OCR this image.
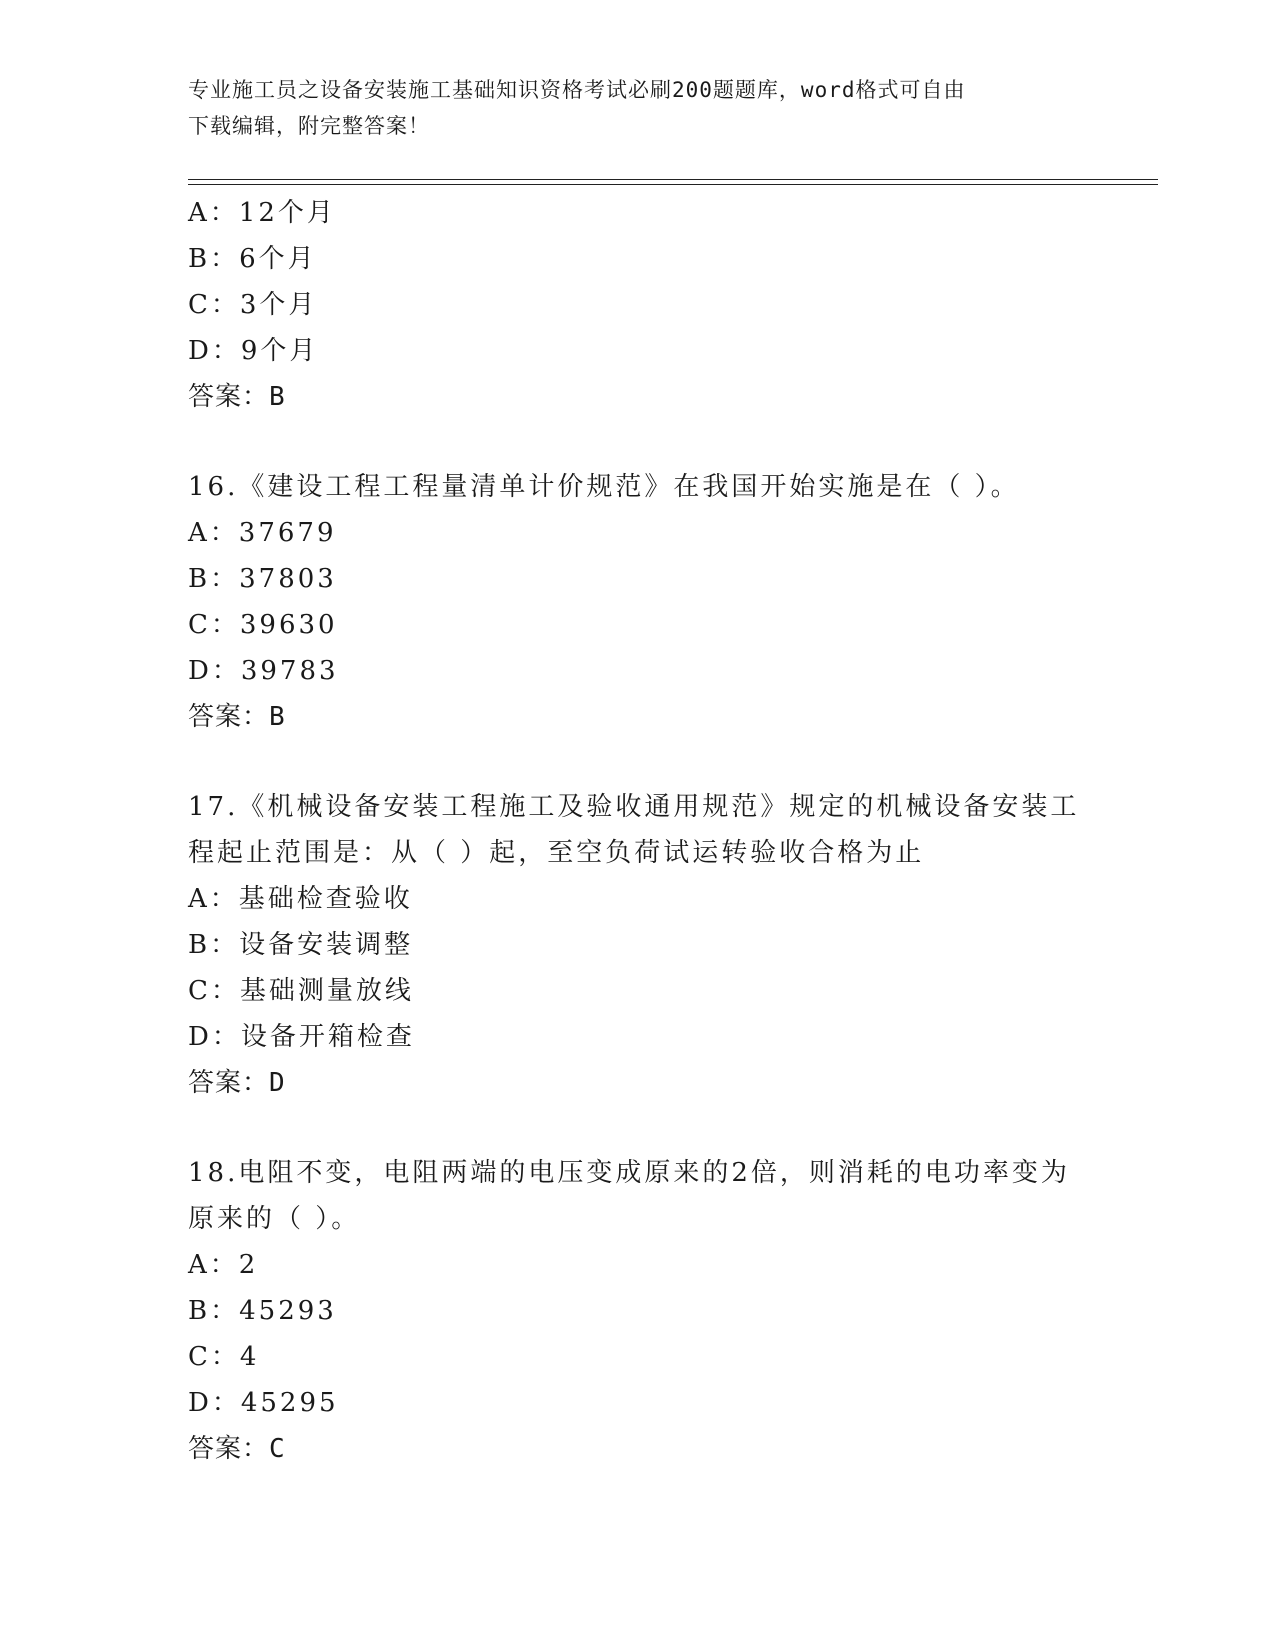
专业施工员之设备安装施工基础知识资格考试必刷200题题库，word格式可自由
下载编辑，附完整答案！
A：12个月
B：6个月
C：3个月
D：9个月
答案：B
16.《建设工程工程量清单计价规范》在我国开始实施是在（ ）。
A：37679
B：37803
C：39630
D：39783
答案：B
17.《机械设备安装工程施工及验收通用规范》规定的机械设备安装工
程起止范围是：从（ ）起，至空负荷试运转验收合格为止
A：基础检查验收
B：设备安装调整
C：基础测量放线
D：设备开箱检查
答案：D
18.电阻不变，电阻两端的电压变成原来的2倍，则消耗的电功率变为
原来的（ ）。
A：2
B：45293
C：4
D：45295
答案：C
